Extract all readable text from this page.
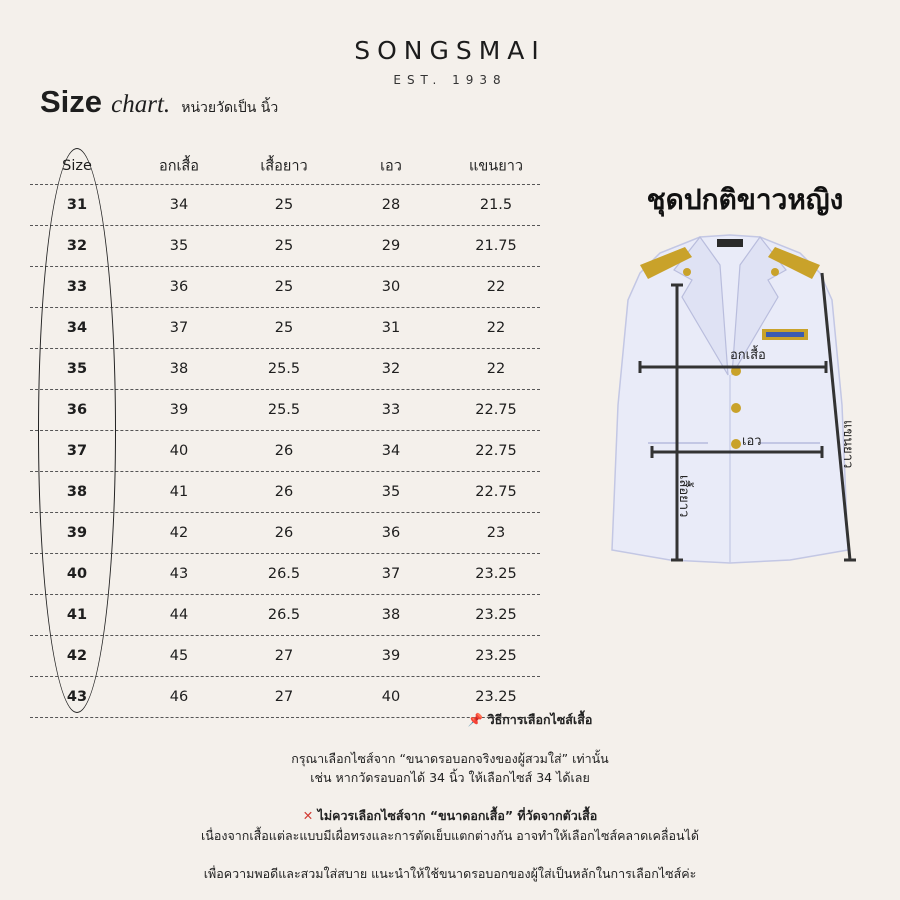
SONGSMAI
EST. 1938
Size chart. หน่วยวัดเป็น นิ้ว
Size	อกเสื้อ	เสื้อยาว	เอว	แขนยาว
31	34	25	28	21.5
32	35	25	29	21.75
33	36	25	30	22
34	37	25	31	22
35	38	25.5	32	22
36	39	25.5	33	22.75
37	40	26	34	22.75
38	41	26	35	22.75
39	42	26	36	23
40	43	26.5	37	23.25
41	44	26.5	38	23.25
42	45	27	39	23.25
43	46	27	40	23.25
ชุดปกติขาวหญิง
อกเสื้อ
เอว
เสื้อยาว
แขนยาว
📌 วิธีการเลือกไซส์เสื้อ
กรุณาเลือกไซส์จาก “ขนาดรอบอกจริงของผู้สวมใส่” เท่านั้น
เช่น หากวัดรอบอกได้ 34 นิ้ว ให้เลือกไซส์ 34 ได้เลย
✕ ไม่ควรเลือกไซส์จาก “ขนาดอกเสื้อ” ที่วัดจากตัวเสื้อ
เนื่องจากเสื้อแต่ละแบบมีเผื่อทรงและการตัดเย็บแตกต่างกัน อาจทำให้เลือกไซส์คลาดเคลื่อนได้
เพื่อความพอดีและสวมใส่สบาย แนะนำให้ใช้ขนาดรอบอกของผู้ใส่เป็นหลักในการเลือกไซส์ค่ะ
